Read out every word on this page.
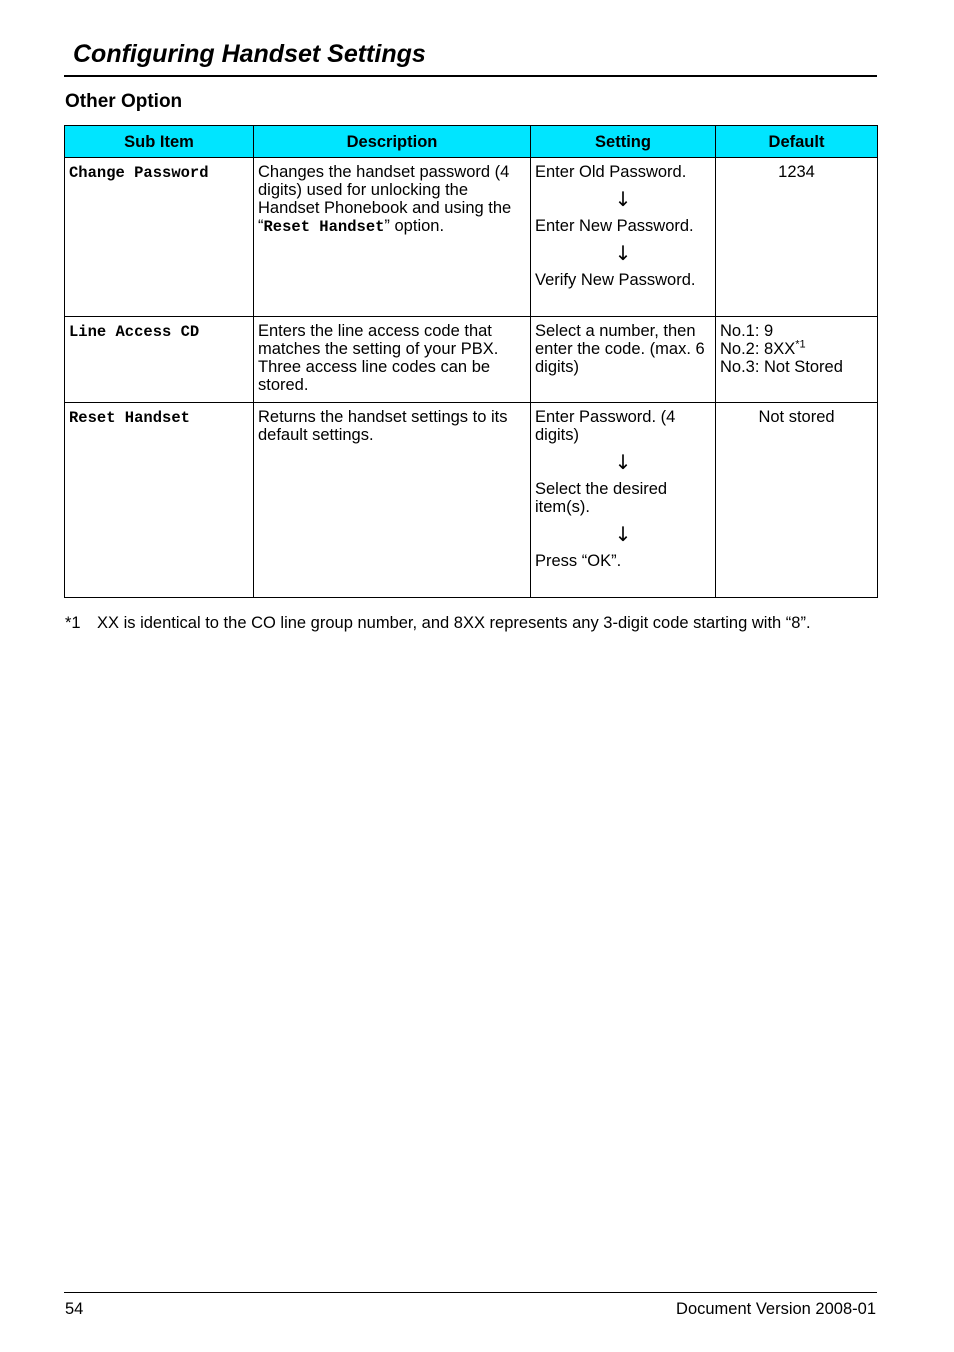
Configuring Handset Settings
Other Option
Sub Item	Description	Setting	Default
Change Password	Changes the handset password (4 digits) used for unlocking the Handset Phonebook and using the “Reset Handset” option.	Enter Old Password.
↓
Enter New Password.
↓
Verify New Password.	1234
Line Access CD	Enters the line access code that matches the setting of your PBX. Three access line codes can be stored.	Select a number, then enter the code. (max. 6 digits)	No.1: 9
No.2: 8XX$^{*1}$
No.3: Not Stored

Reset Handset	Returns the handset settings to its default settings.	Enter Password. (4 digits)
↓
Select the desired item(s).
↓
Press “OK”.	Not stored
*1 XX is identical to the CO line group number, and 8XX represents any 3-digit code starting with “8”.
54	Document Version 2008-01
